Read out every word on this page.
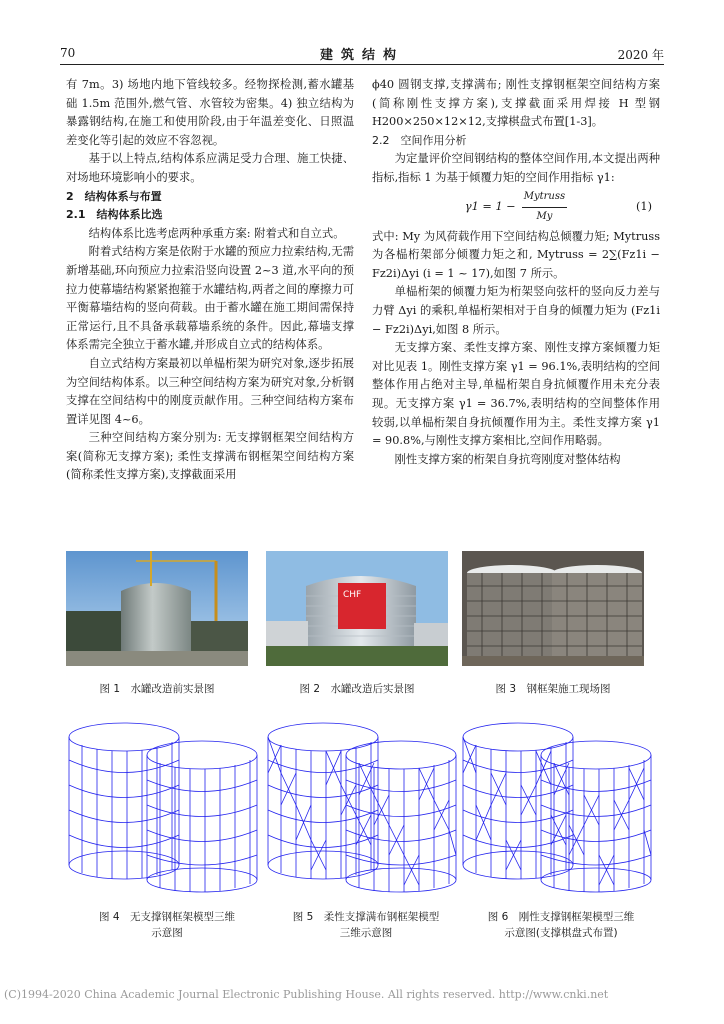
70	建筑结构	2020 年

有 7m。3) 场地内地下管线较多。经物探检测,蓄水罐基础 1.5m 范围外,燃气管、水管较为密集。4) 独立结构为暴露钢结构,在施工和使用阶段,由于年温差变化、日照温差变化等引起的效应不容忽视。

基于以上特点,结构体系应满足受力合理、施工快捷、对场地环境影响小的要求。

2　结构体系与布置

2.1　结构体系比选

结构体系比选考虑两种承重方案: 附着式和自立式。

附着式结构方案是依附于水罐的预应力拉索结构,无需新增基础,环向预应力拉索沿竖向设置 2~3 道,水平向的预拉力使幕墙结构紧紧抱箍于水罐结构,两者之间的摩擦力可平衡幕墙结构的竖向荷载。由于蓄水罐在施工期间需保持正常运行,且不具备承载幕墙系统的条件。因此,幕墙支撑体系需完全独立于蓄水罐,并形成自立式的结构体系。

自立式结构方案最初以单榀桁架为研究对象,逐步拓展为空间结构体系。以三种空间结构方案为研究对象,分析钢支撑在空间结构中的刚度贡献作用。三种空间结构方案布置详见图 4~6。

三种空间结构方案分别为: 无支撑钢框架空间结构方案(简称无支撑方案); 柔性支撑满布钢框架空间结构方案(简称柔性支撑方案),支撑截面采用

ϕ40 圆钢支撑,支撑满布; 刚性支撑钢框架空间结构方案(简称刚性支撑方案),支撑截面采用焊接 H 型钢 H200×250×12×12,支撑棋盘式布置[1-3]。

2.2　空间作用分析

为定量评价空间钢结构的整体空间作用,本文提出两种指标,指标 1 为基于倾覆力矩的空间作用指标 γ1:

$\gamma 1 = 1 - \frac{\text{Mytruss}}{My}$	(1)

式中: My 为风荷载作用下空间结构总倾覆力矩; Mytruss 为各榀桁架部分倾覆力矩之和, Mytruss = 2∑(Fz1i − Fz2i)Δyi (i = 1 ~ 17),如图 7 所示。

单榀桁架的倾覆力矩为桁架竖向弦杆的竖向反力差与力臂 Δyi 的乘积,单榀桁架相对于自身的倾覆力矩为 (Fz1i − Fz2i)Δyi,如图 8 所示。

无支撑方案、柔性支撑方案、刚性支撑方案倾覆力矩对比见表 1。刚性支撑方案 γ1 = 96.1%,表明结构的空间整体作用占绝对主导,单榀桁架自身抗倾覆作用未充分表现。无支撑方案 γ1 = 36.7%,表明结构的空间整体作用较弱,以单榀桁架自身抗倾覆作用为主。柔性支撑方案 γ1 = 90.8%,与刚性支撑方案相比,空间作用略弱。

刚性支撑方案的桁架自身抗弯刚度对整体结构

CHF
图 1　水罐改造前实景图	图 2　水罐改造后实景图	图 3　钢框架施工现场图
图 4　无支撑钢框架模型三维
示意图
图 5　柔性支撑满布钢框架模型
三维示意图
图 6　刚性支撑钢框架模型三维
示意图(支撑棋盘式布置)
(C)1994-2020 China Academic Journal Electronic Publishing House. All rights reserved. http://www.cnki.net
